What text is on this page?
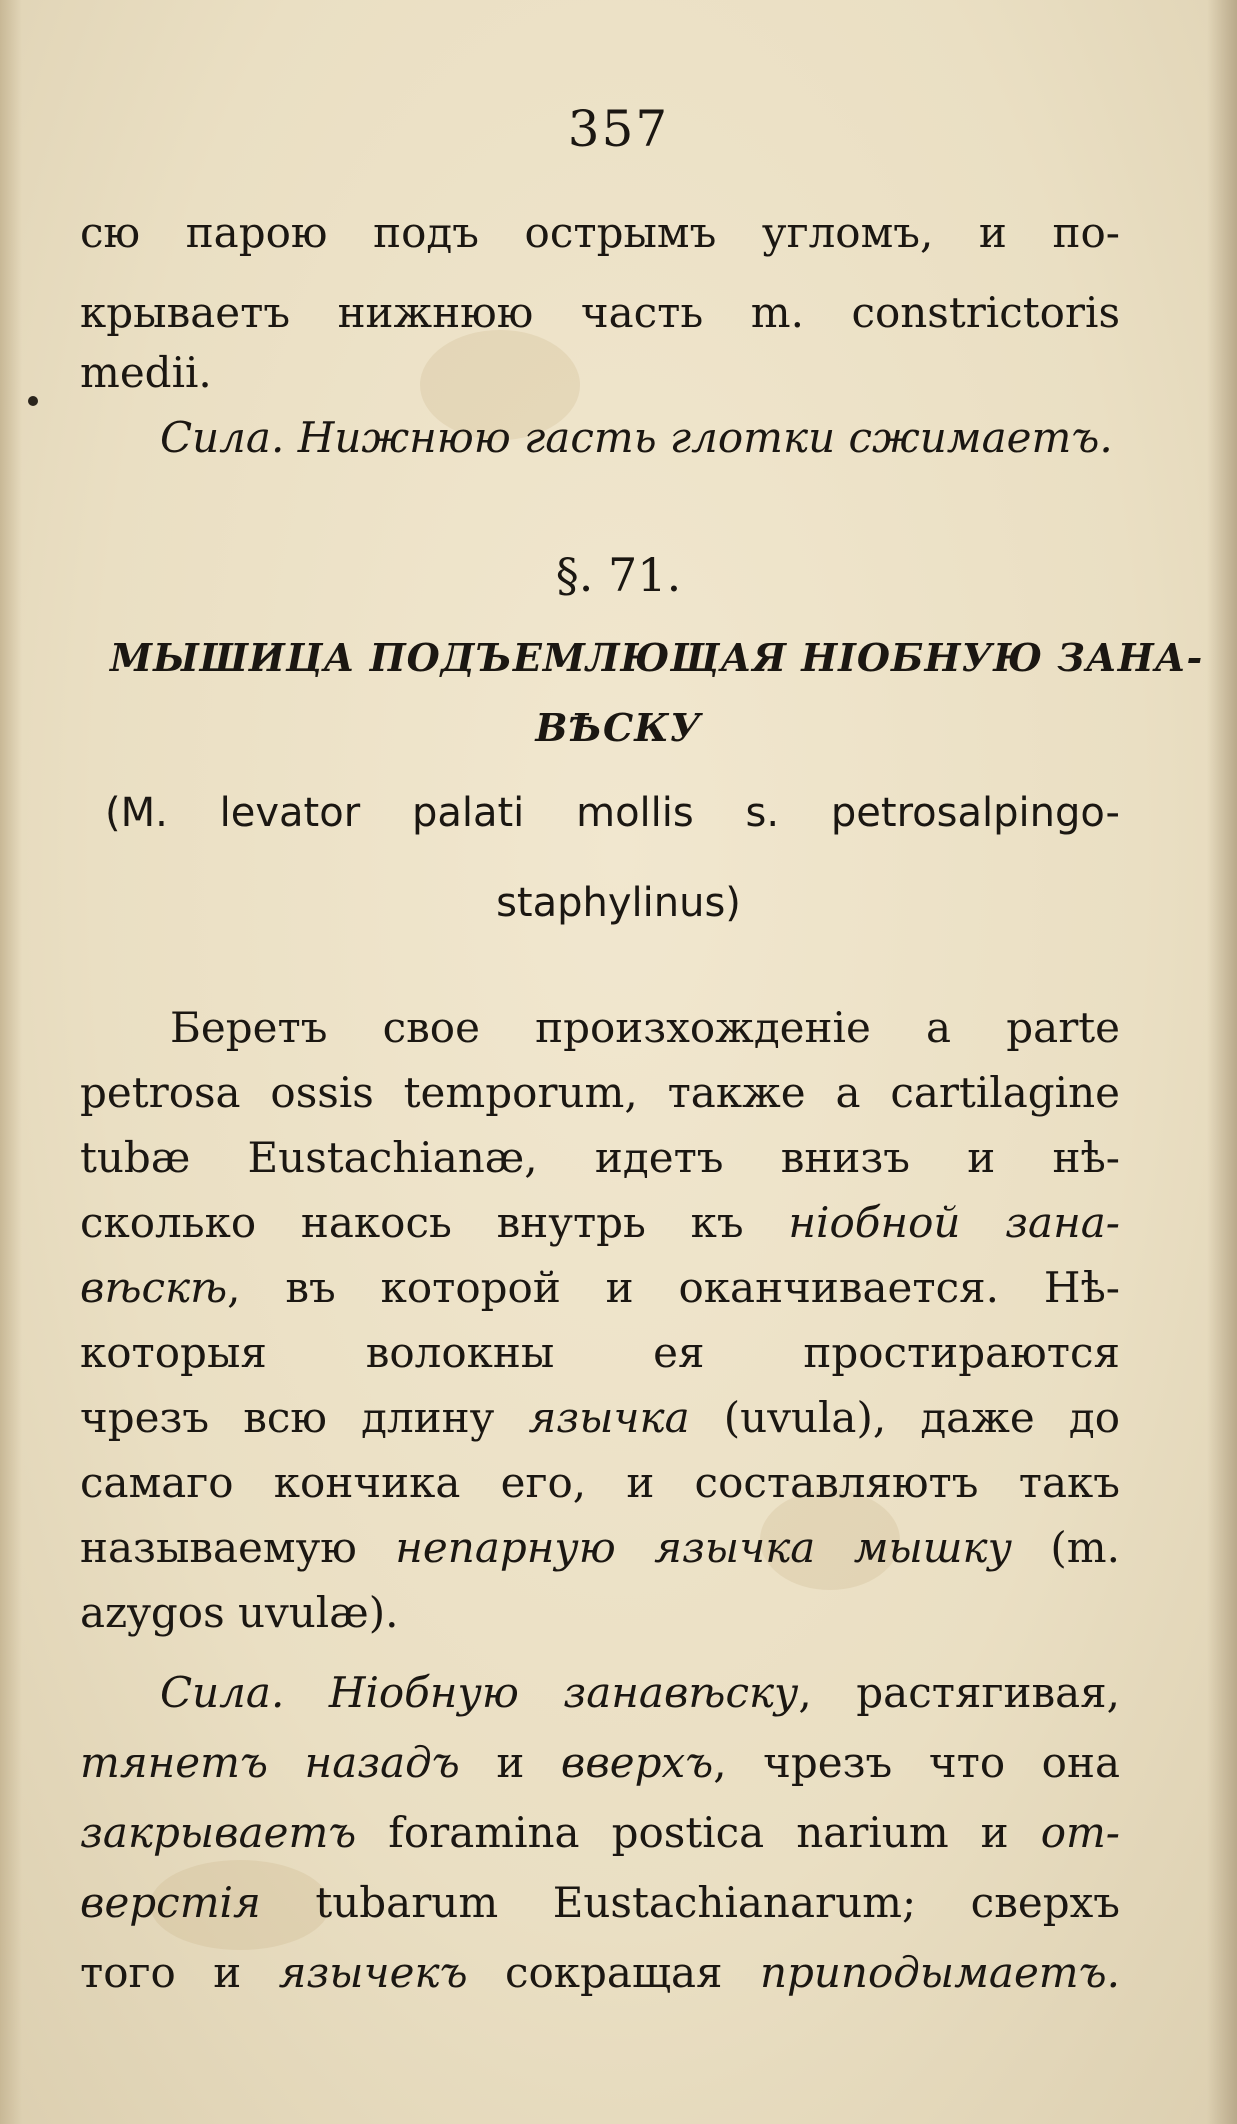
357
сю парою подъ острымъ угломъ, и по-
крываетъ нижнюю часть m. constrictoris
medii.
Сила. Нижнюю гасть глотки сжимаетъ.
§. 71.
МЫШИЦА ПОДЪЕМЛЮЩАЯ НІОБНУЮ ЗАНА-
ВѢСКУ
(M. levator palati mollis s. petrosalpingo-
staphylinus)
Беретъ свое произхожденіе a parte
petrosa ossis temporum, также a cartilagine
tubæ Eustachianæ, идетъ внизъ и нѣ-
сколько накось внутрь къ ніобной зана-
вѣскѣ, въ которой и оканчивается. Нѣ-
которыя волокны ея простираются
чрезъ всю длину язычка (uvula), даже до
самаго кончика его, и составляютъ такъ
называемую непарную язычка мышку (m.
azygos uvulæ).
Сила. Ніобную занавѣску, растягивая,
тянетъ назадъ и вверхъ, чрезъ что она
закрываетъ foramina postica narium и от-
верстія tubarum Eustachianarum; сверхъ
того и язычекъ сокращая приподымаетъ.
